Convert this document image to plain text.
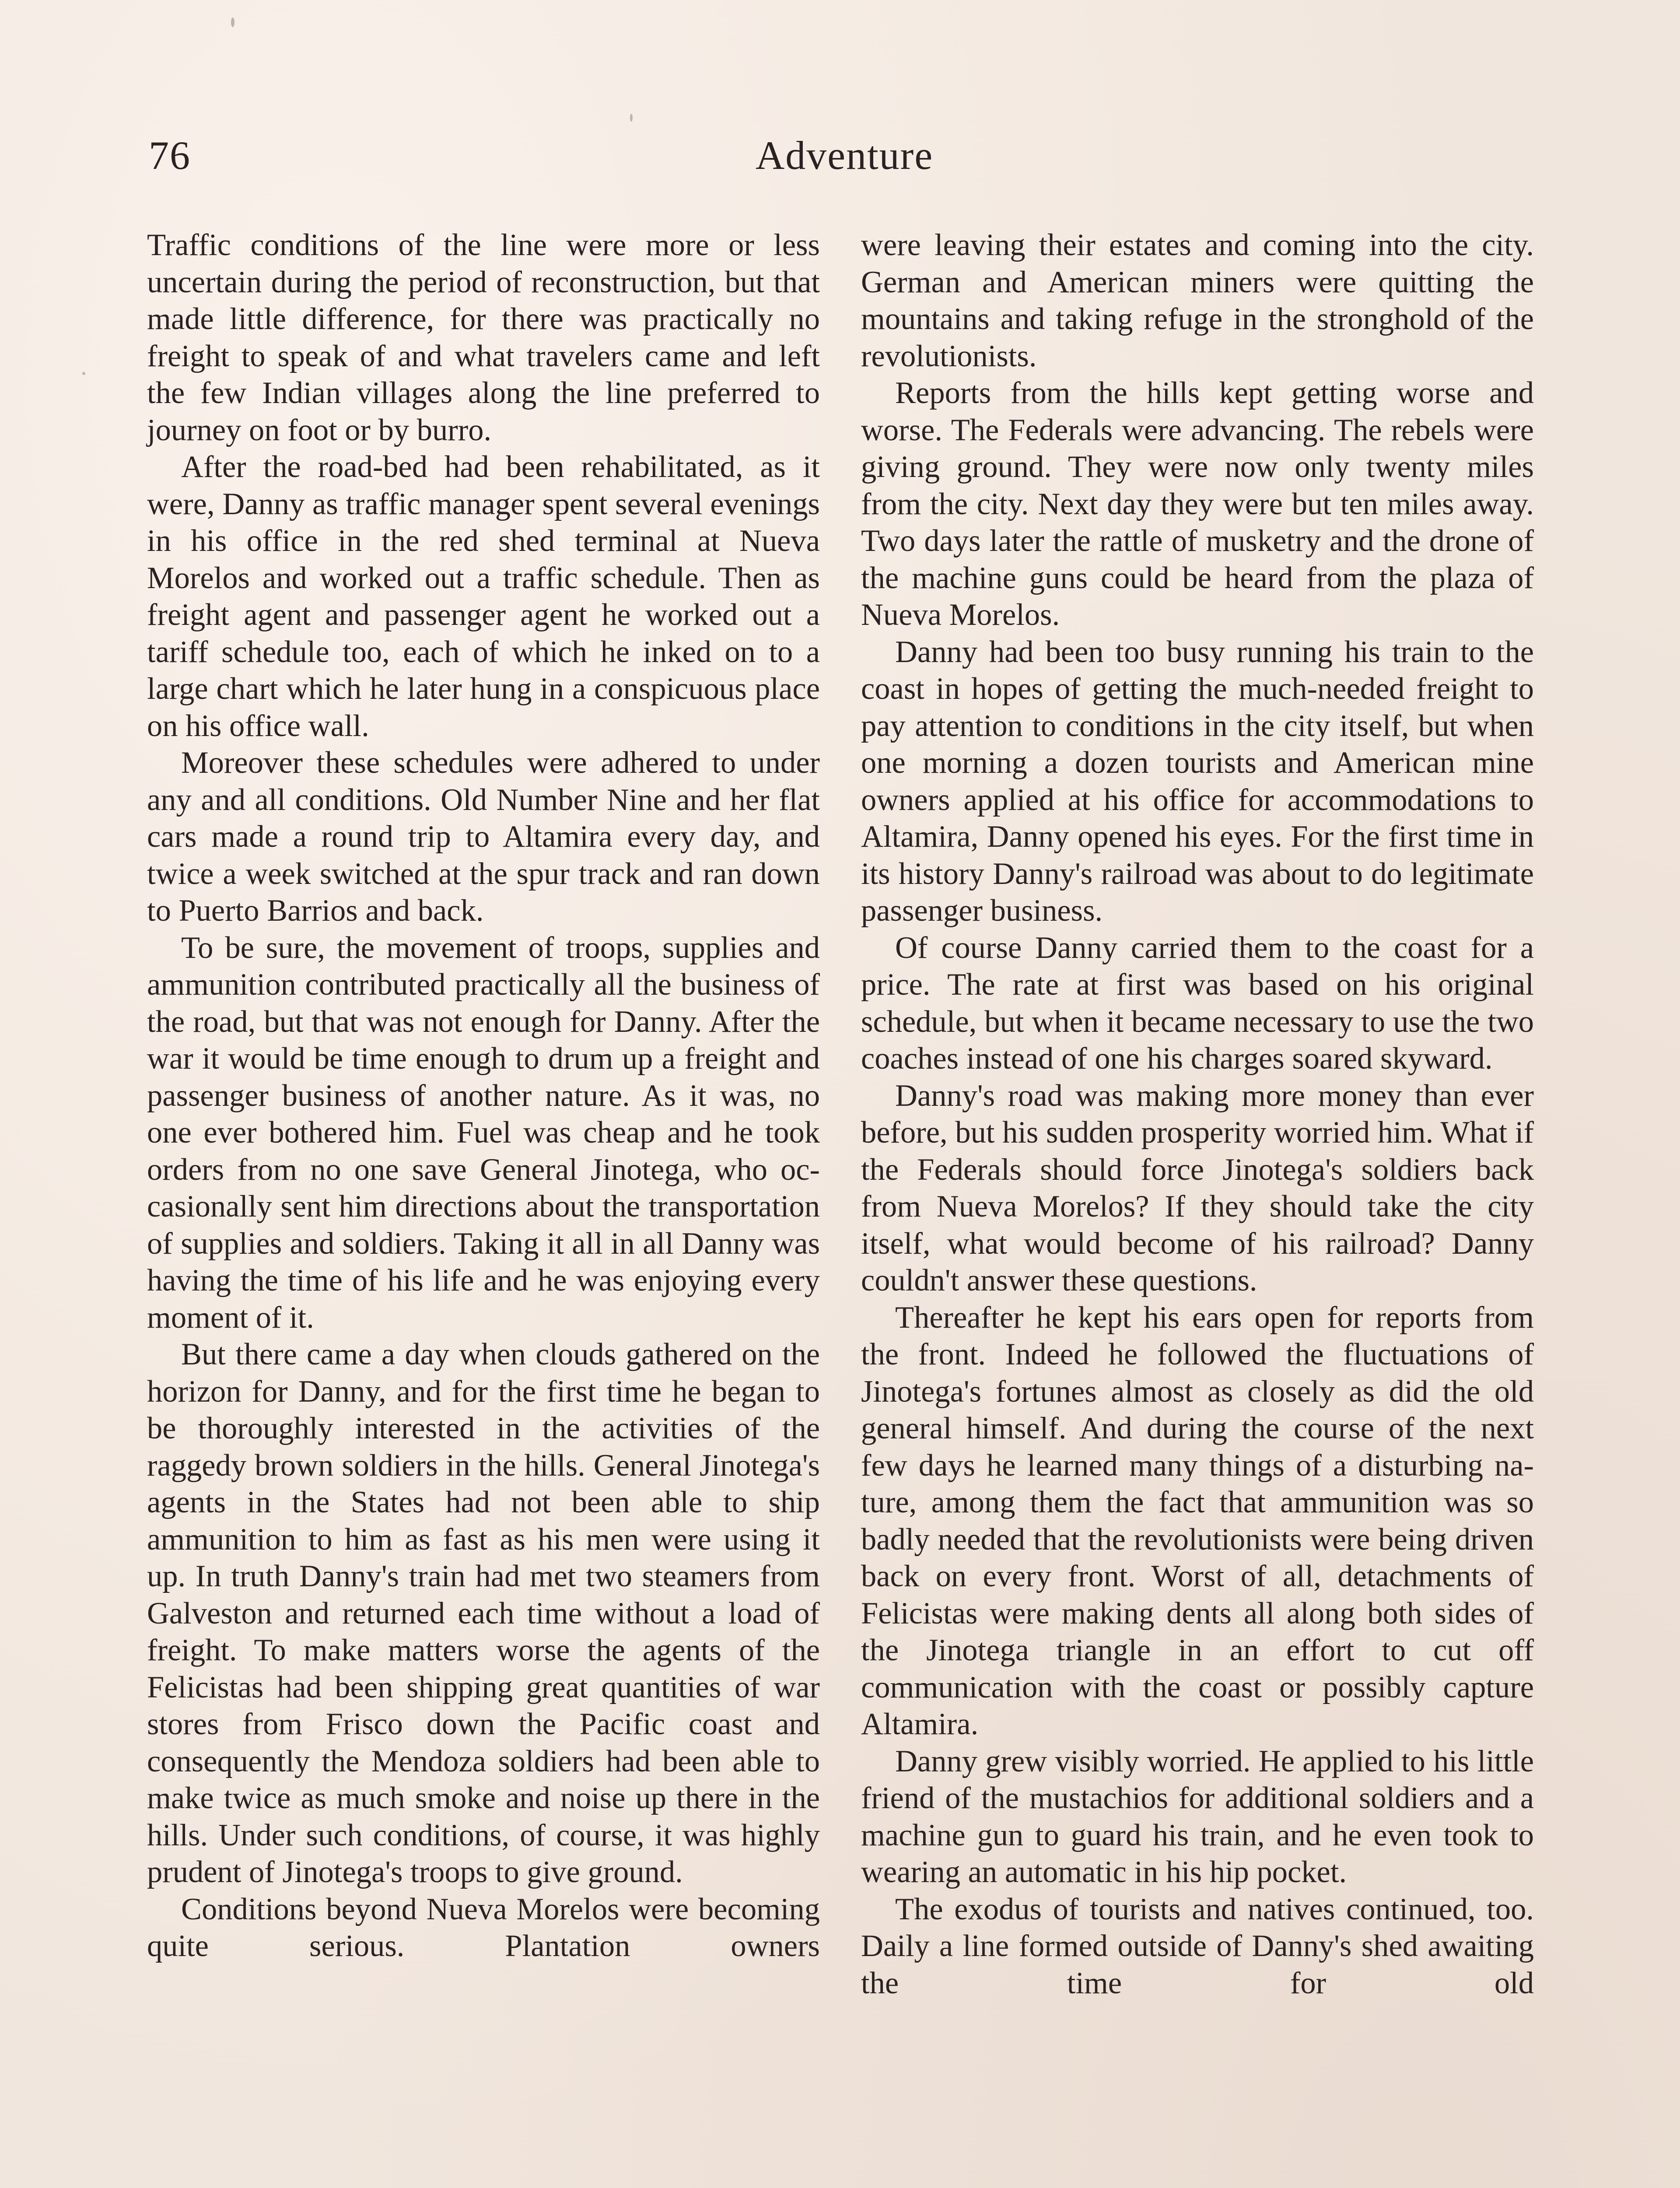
76	Adventure

Traffic conditions of the line were more or less uncertain during the period of reconstruction, but that made little difference, for there was practically no freight to speak of and what travelers came and left the few Indian villages along the line preferred to journey on foot or by burro.

After the road-bed had been rehabilitated, as it were, Danny as traffic manager spent several evenings in his office in the red shed terminal at Nueva Morelos and worked out a traffic schedule. Then as freight agent and passenger agent he worked out a tariff schedule too, each of which he inked on to a large chart which he later hung in a conspicuous place on his office wall.

Moreover these schedules were adhered to under any and all conditions. Old Number Nine and her flat cars made a round trip to Altamira every day, and twice a week switched at the spur track and ran down to Puerto Barrios and back.

To be sure, the movement of troops, supplies and ammunition contributed practically all the business of the road, but that was not enough for Danny. After the war it would be time enough to drum up a freight and passenger business of another nature. As it was, no one ever bothered him. Fuel was cheap and he took orders from no one save General Jinotega, who occasionally sent him directions about the transportation of supplies and soldiers. Taking it all in all Danny was having the time of his life and he was enjoying every moment of it.

But there came a day when clouds gathered on the horizon for Danny, and for the first time he began to be thoroughly interested in the activities of the raggedy brown soldiers in the hills. General Jinotega's agents in the States had not been able to ship ammunition to him as fast as his men were using it up. In truth Danny's train had met two steamers from Galveston and returned each time without a load of freight. To make matters worse the agents of the Felicistas had been shipping great quantities of war stores from Frisco down the Pacific coast and consequently the Mendoza soldiers had been able to make twice as much smoke and noise up there in the hills. Under such conditions, of course, it was highly prudent of Jinotega's troops to give ground.

Conditions beyond Nueva Morelos were becoming quite serious. Plantation owners

were leaving their estates and coming into the city. German and American miners were quitting the mountains and taking refuge in the stronghold of the revolutionists.

Reports from the hills kept getting worse and worse. The Federals were advancing. The rebels were giving ground. They were now only twenty miles from the city. Next day they were but ten miles away. Two days later the rattle of musketry and the drone of the machine guns could be heard from the plaza of Nueva Morelos.

Danny had been too busy running his train to the coast in hopes of getting the much-needed freight to pay attention to conditions in the city itself, but when one morning a dozen tourists and American mine owners applied at his office for accommodations to Altamira, Danny opened his eyes. For the first time in its history Danny's railroad was about to do legitimate passenger business.

Of course Danny carried them to the coast for a price. The rate at first was based on his original schedule, but when it became necessary to use the two coaches instead of one his charges soared skyward.

Danny's road was making more money than ever before, but his sudden prosperity worried him. What if the Federals should force Jinotega's soldiers back from Nueva Morelos? If they should take the city itself, what would become of his railroad? Danny couldn't answer these questions.

Thereafter he kept his ears open for reports from the front. Indeed he followed the fluctuations of Jinotega's fortunes almost as closely as did the old general himself. And during the course of the next few days he learned many things of a disturbing nature, among them the fact that ammunition was so badly needed that the revolutionists were being driven back on every front. Worst of all, detachments of Felicistas were making dents all along both sides of the Jinotega triangle in an effort to cut off communication with the coast or possibly capture Altamira.

Danny grew visibly worried. He applied to his little friend of the mustachios for additional soldiers and a machine gun to guard his train, and he even took to wearing an automatic in his hip pocket.

The exodus of tourists and natives continued, too. Daily a line formed outside of Danny's shed awaiting the time for old
